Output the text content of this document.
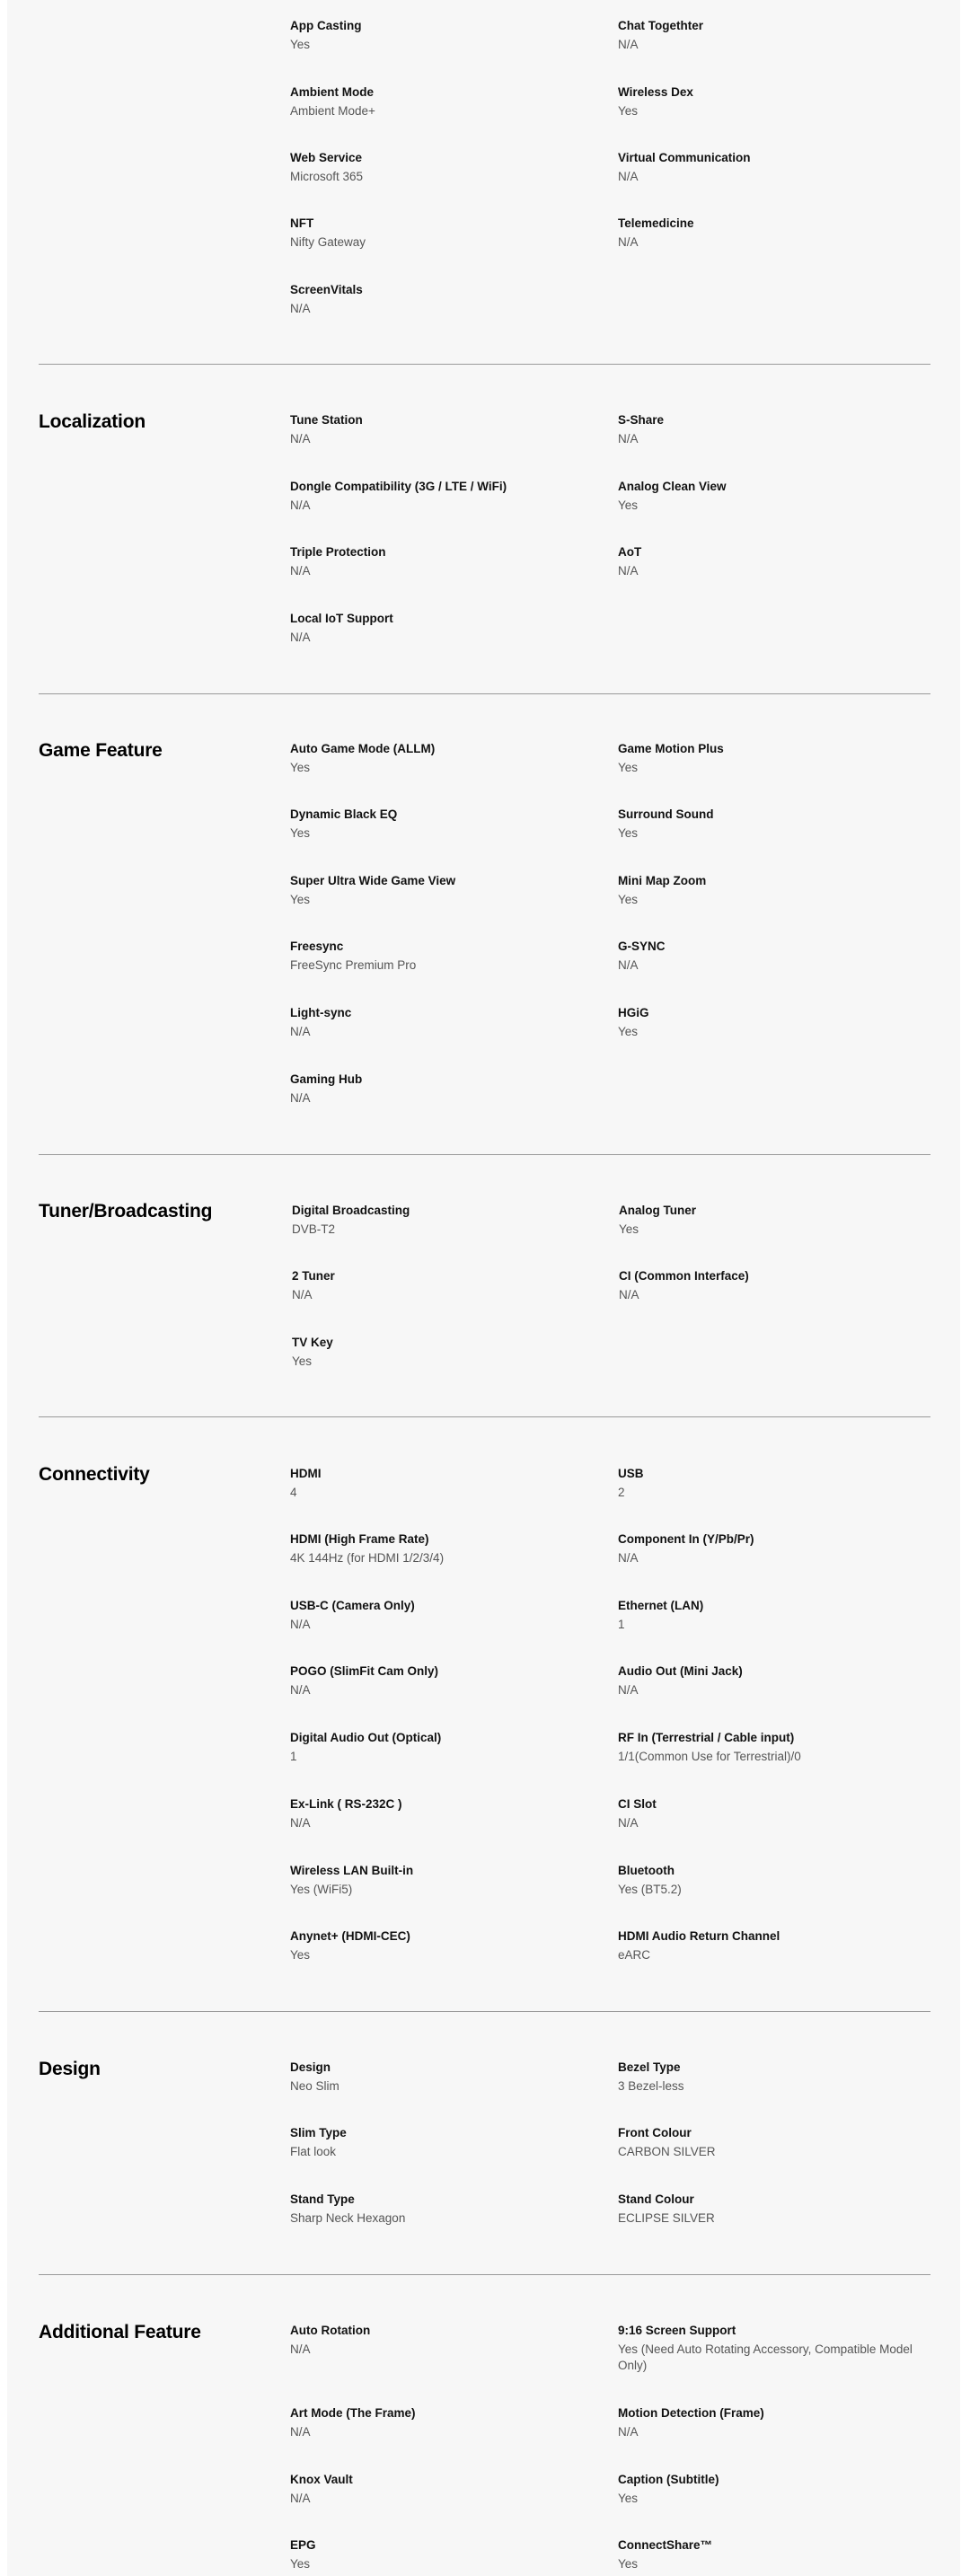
App Casting
Yes
Chat Togethter
N/A
Ambient Mode
Ambient Mode+
Wireless Dex
Yes
Web Service
Microsoft 365
Virtual Communication
N/A
NFT
Nifty Gateway
Telemedicine
N/A
ScreenVitals
N/A
Localization	Tune Station
N/A
S-Share
N/A
Dongle Compatibility (3G / LTE / WiFi)
N/A
Analog Clean View
Yes
Triple Protection
N/A
AoT
N/A
Local IoT Support
N/A
Game Feature	Auto Game Mode (ALLM)
Yes
Game Motion Plus
Yes
Dynamic Black EQ
Yes
Surround Sound
Yes
Super Ultra Wide Game View
Yes
Mini Map Zoom
Yes
Freesync
FreeSync Premium Pro
G-SYNC
N/A
Light-sync
N/A
HGiG
Yes
Gaming Hub
N/A
Tuner/Broadcasting	Digital Broadcasting
DVB-T2
Analog Tuner
Yes
2 Tuner
N/A
CI (Common Interface)
N/A
TV Key
Yes
Connectivity	HDMI
4
USB
2
HDMI (High Frame Rate)
4K 144Hz (for HDMI 1/2/3/4)
Component In (Y/Pb/Pr)
N/A
USB-C (Camera Only)
N/A
Ethernet (LAN)
1
POGO (SlimFit Cam Only)
N/A
Audio Out (Mini Jack)
N/A
Digital Audio Out (Optical)
1
RF In (Terrestrial / Cable input)
1/1(Common Use for Terrestrial)/0
Ex-Link ( RS-232C )
N/A
CI Slot
N/A
Wireless LAN Built-in
Yes (WiFi5)
Bluetooth
Yes (BT5.2)
Anynet+ (HDMI-CEC)
Yes
HDMI Audio Return Channel
eARC
Design	Design
Neo Slim
Bezel Type
3 Bezel-less
Slim Type
Flat look
Front Colour
CARBON SILVER
Stand Type
Sharp Neck Hexagon
Stand Colour
ECLIPSE SILVER
Additional Feature	Auto Rotation
N/A
9:16 Screen Support
Yes (Need Auto Rotating Accessory, Compatible Model Only)
Art Mode (The Frame)
N/A
Motion Detection (Frame)
N/A
Knox Vault
N/A
Caption (Subtitle)
Yes
EPG
Yes
ConnectShare™
Yes
